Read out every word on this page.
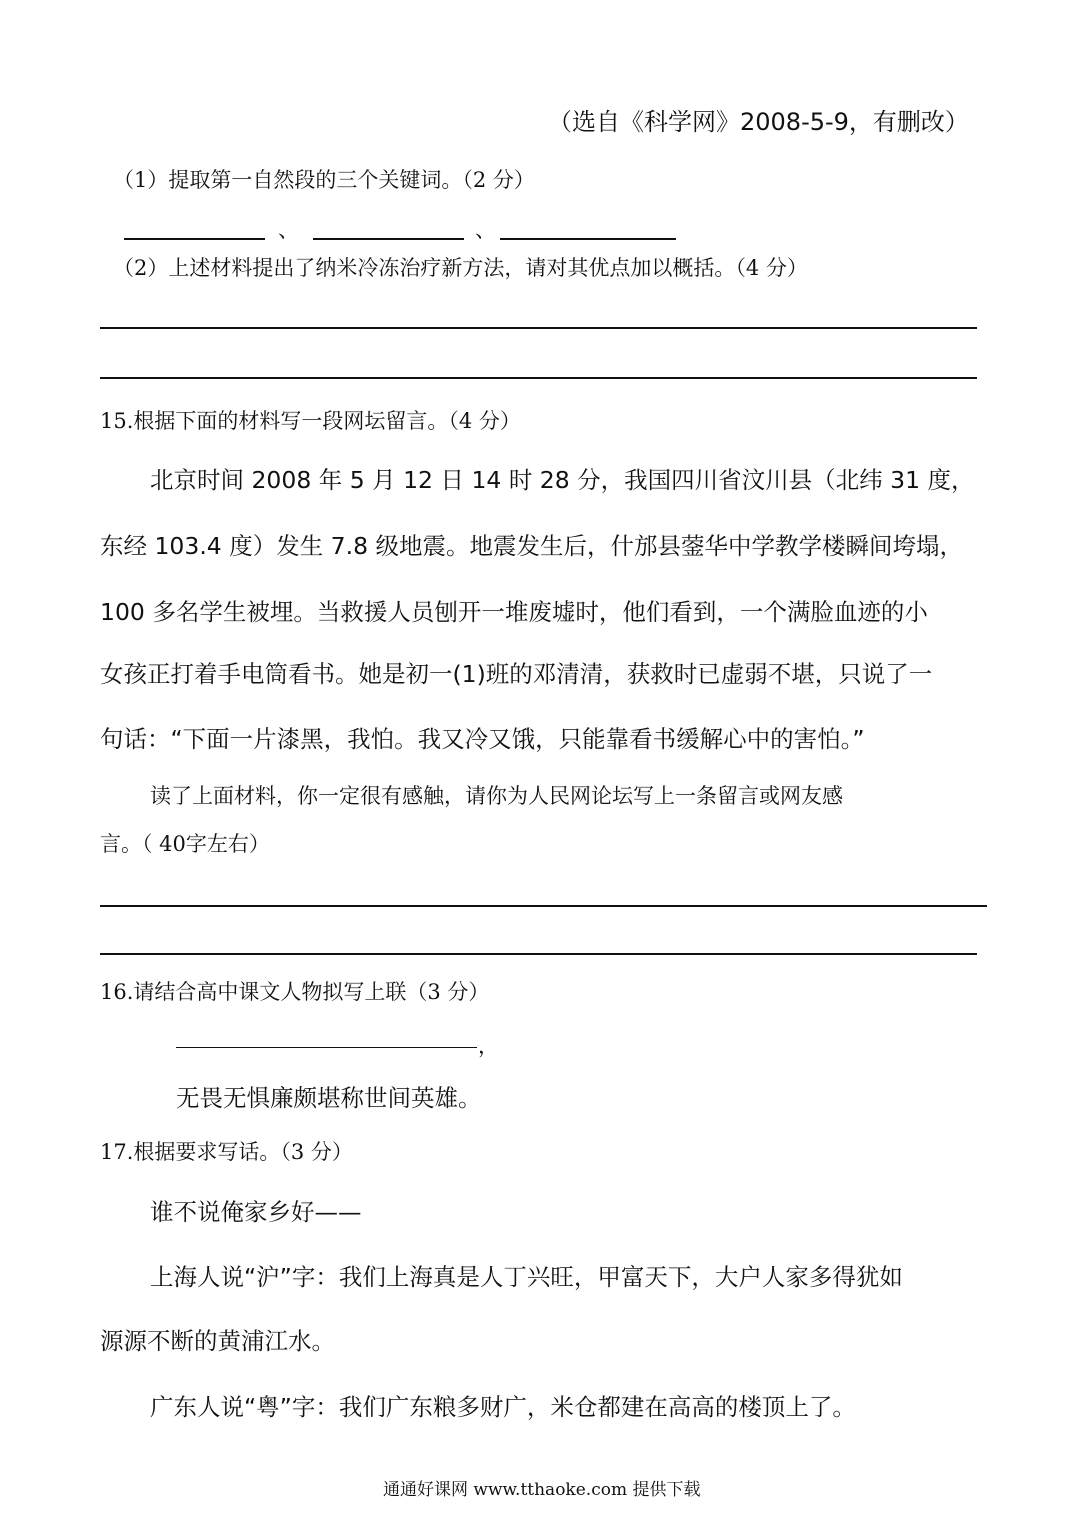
（选自《科学网》2008-5-9，有删改）
（1）提取第一自然段的三个关键词。（2 分）
、	、
（2）上述材料提出了纳米冷冻治疗新方法，请对其优点加以概括。（4 分）
15.根据下面的材料写一段网坛留言。（4 分）
北京时间 2008 年 5 月 12 日 14 时 28 分，我国四川省汶川县（北纬 31 度，
东经 103.4 度）发生 7.8 级地震。地震发生后，什邡县蓥华中学教学楼瞬间垮塌，
100 多名学生被埋。当救援人员刨开一堆废墟时，他们看到，一个满脸血迹的小
女孩正打着手电筒看书。她是初一(1)班的邓清清，获救时已虚弱不堪，只说了一
句话：“下面一片漆黑，我怕。我又冷又饿，只能靠看书缓解心中的害怕。”
读了上面材料，你一定很有感触，请你为人民网论坛写上一条留言或网友感
言。（ 40字左右）
16.请结合高中课文人物拟写上联（3 分）
，
无畏无惧廉颇堪称世间英雄。
17.根据要求写话。（3 分）
谁不说俺家乡好——
上海人说“沪”字：我们上海真是人丁兴旺，甲富天下，大户人家多得犹如
源源不断的黄浦江水。
广东人说“粤”字：我们广东粮多财广，米仓都建在高高的楼顶上了。
通通好课网 www.tthaoke.com 提供下载
